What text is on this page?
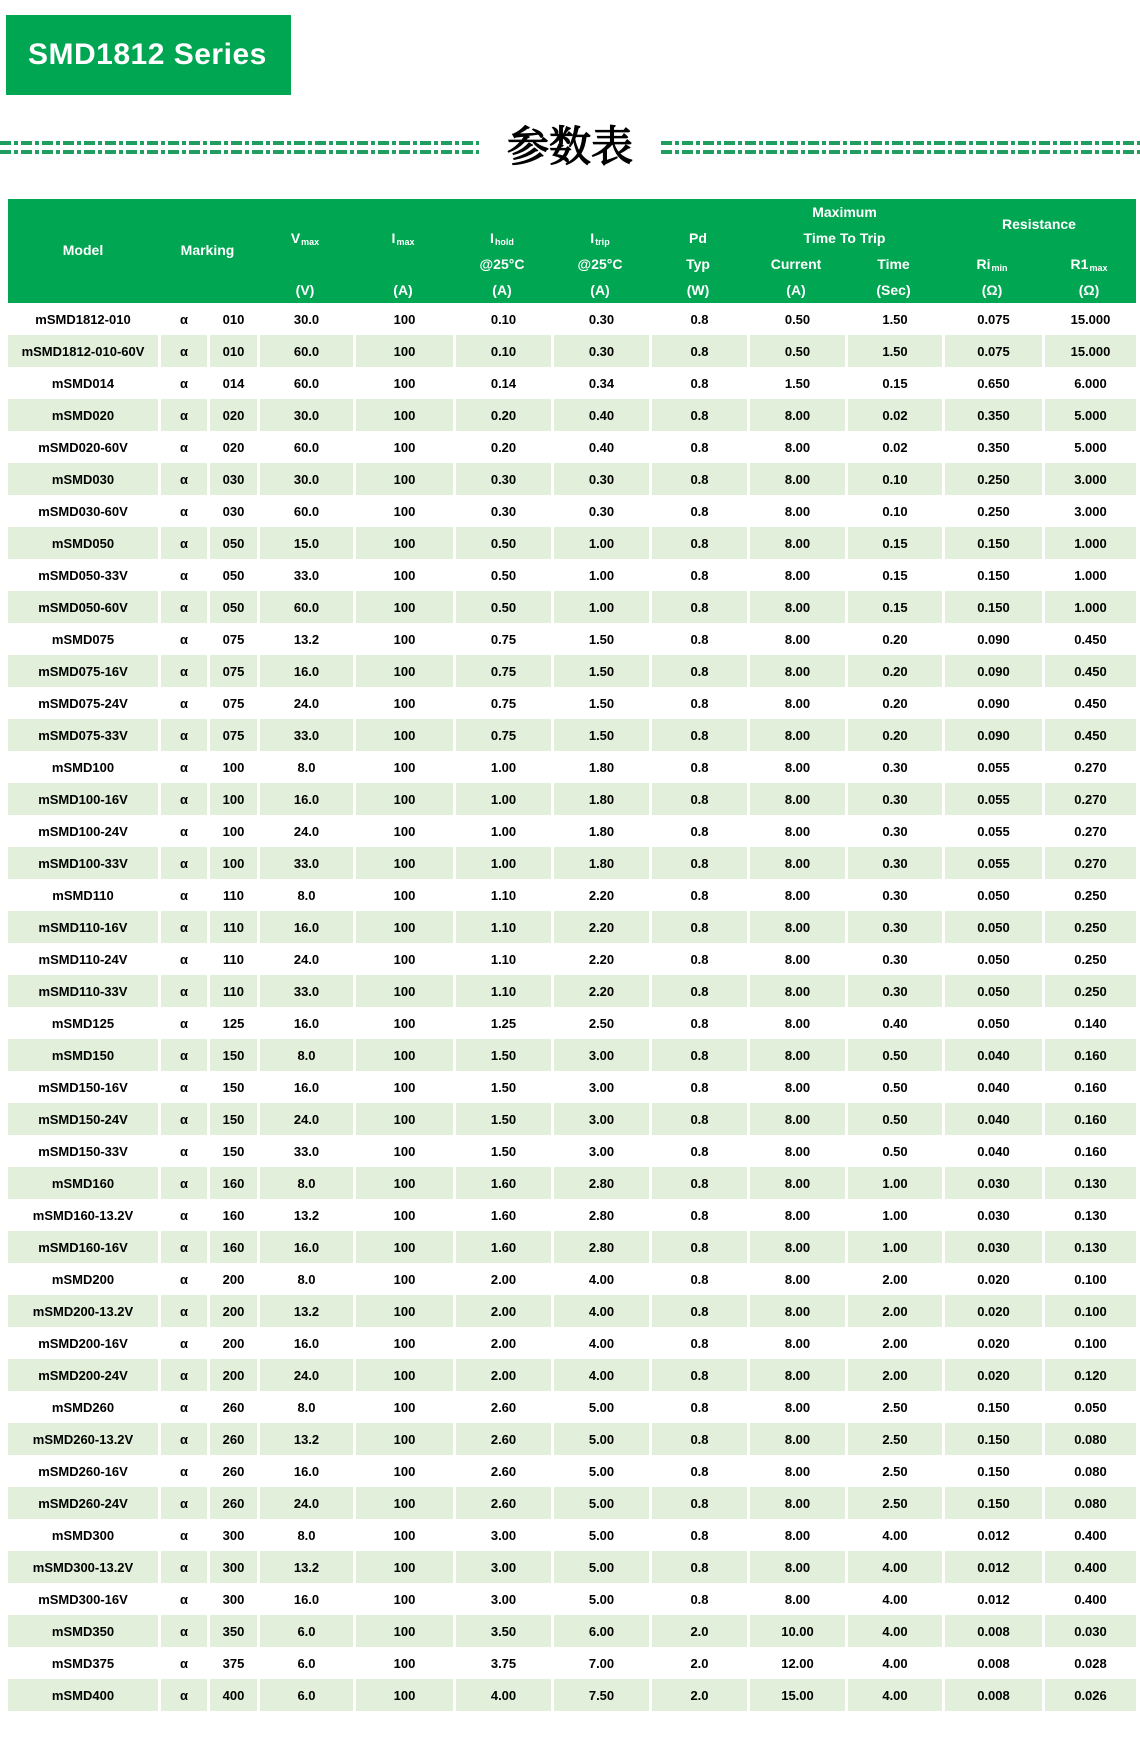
SMD1812 Series
参数表
Model	Marking
V max	I max	I hold	I trip	Pd
Maximum
Time To Trip
Resistance
@25°C	@25°C	Typ	Current	Time	Ri min	R1 max
(V)	(A)	(A)	(A)	(W)	(A)	(Sec)	(Ω)	(Ω)
mSMD1812-010	α	010	30.0	100	0.10	0.30	0.8	0.50	1.50	0.075	15.000
mSMD1812-010-60V	α	010	60.0	100	0.10	0.30	0.8	0.50	1.50	0.075	15.000
mSMD014	α	014	60.0	100	0.14	0.34	0.8	1.50	0.15	0.650	6.000
mSMD020	α	020	30.0	100	0.20	0.40	0.8	8.00	0.02	0.350	5.000
mSMD020-60V	α	020	60.0	100	0.20	0.40	0.8	8.00	0.02	0.350	5.000
mSMD030	α	030	30.0	100	0.30	0.30	0.8	8.00	0.10	0.250	3.000
mSMD030-60V	α	030	60.0	100	0.30	0.30	0.8	8.00	0.10	0.250	3.000
mSMD050	α	050	15.0	100	0.50	1.00	0.8	8.00	0.15	0.150	1.000
mSMD050-33V	α	050	33.0	100	0.50	1.00	0.8	8.00	0.15	0.150	1.000
mSMD050-60V	α	050	60.0	100	0.50	1.00	0.8	8.00	0.15	0.150	1.000
mSMD075	α	075	13.2	100	0.75	1.50	0.8	8.00	0.20	0.090	0.450
mSMD075-16V	α	075	16.0	100	0.75	1.50	0.8	8.00	0.20	0.090	0.450
mSMD075-24V	α	075	24.0	100	0.75	1.50	0.8	8.00	0.20	0.090	0.450
mSMD075-33V	α	075	33.0	100	0.75	1.50	0.8	8.00	0.20	0.090	0.450
mSMD100	α	100	8.0	100	1.00	1.80	0.8	8.00	0.30	0.055	0.270
mSMD100-16V	α	100	16.0	100	1.00	1.80	0.8	8.00	0.30	0.055	0.270
mSMD100-24V	α	100	24.0	100	1.00	1.80	0.8	8.00	0.30	0.055	0.270
mSMD100-33V	α	100	33.0	100	1.00	1.80	0.8	8.00	0.30	0.055	0.270
mSMD110	α	110	8.0	100	1.10	2.20	0.8	8.00	0.30	0.050	0.250
mSMD110-16V	α	110	16.0	100	1.10	2.20	0.8	8.00	0.30	0.050	0.250
mSMD110-24V	α	110	24.0	100	1.10	2.20	0.8	8.00	0.30	0.050	0.250
mSMD110-33V	α	110	33.0	100	1.10	2.20	0.8	8.00	0.30	0.050	0.250
mSMD125	α	125	16.0	100	1.25	2.50	0.8	8.00	0.40	0.050	0.140
mSMD150	α	150	8.0	100	1.50	3.00	0.8	8.00	0.50	0.040	0.160
mSMD150-16V	α	150	16.0	100	1.50	3.00	0.8	8.00	0.50	0.040	0.160
mSMD150-24V	α	150	24.0	100	1.50	3.00	0.8	8.00	0.50	0.040	0.160
mSMD150-33V	α	150	33.0	100	1.50	3.00	0.8	8.00	0.50	0.040	0.160
mSMD160	α	160	8.0	100	1.60	2.80	0.8	8.00	1.00	0.030	0.130
mSMD160-13.2V	α	160	13.2	100	1.60	2.80	0.8	8.00	1.00	0.030	0.130
mSMD160-16V	α	160	16.0	100	1.60	2.80	0.8	8.00	1.00	0.030	0.130
mSMD200	α	200	8.0	100	2.00	4.00	0.8	8.00	2.00	0.020	0.100
mSMD200-13.2V	α	200	13.2	100	2.00	4.00	0.8	8.00	2.00	0.020	0.100
mSMD200-16V	α	200	16.0	100	2.00	4.00	0.8	8.00	2.00	0.020	0.100
mSMD200-24V	α	200	24.0	100	2.00	4.00	0.8	8.00	2.00	0.020	0.120
mSMD260	α	260	8.0	100	2.60	5.00	0.8	8.00	2.50	0.150	0.050
mSMD260-13.2V	α	260	13.2	100	2.60	5.00	0.8	8.00	2.50	0.150	0.080
mSMD260-16V	α	260	16.0	100	2.60	5.00	0.8	8.00	2.50	0.150	0.080
mSMD260-24V	α	260	24.0	100	2.60	5.00	0.8	8.00	2.50	0.150	0.080
mSMD300	α	300	8.0	100	3.00	5.00	0.8	8.00	4.00	0.012	0.400
mSMD300-13.2V	α	300	13.2	100	3.00	5.00	0.8	8.00	4.00	0.012	0.400
mSMD300-16V	α	300	16.0	100	3.00	5.00	0.8	8.00	4.00	0.012	0.400
mSMD350	α	350	6.0	100	3.50	6.00	2.0	10.00	4.00	0.008	0.030
mSMD375	α	375	6.0	100	3.75	7.00	2.0	12.00	4.00	0.008	0.028
mSMD400	α	400	6.0	100	4.00	7.50	2.0	15.00	4.00	0.008	0.026
